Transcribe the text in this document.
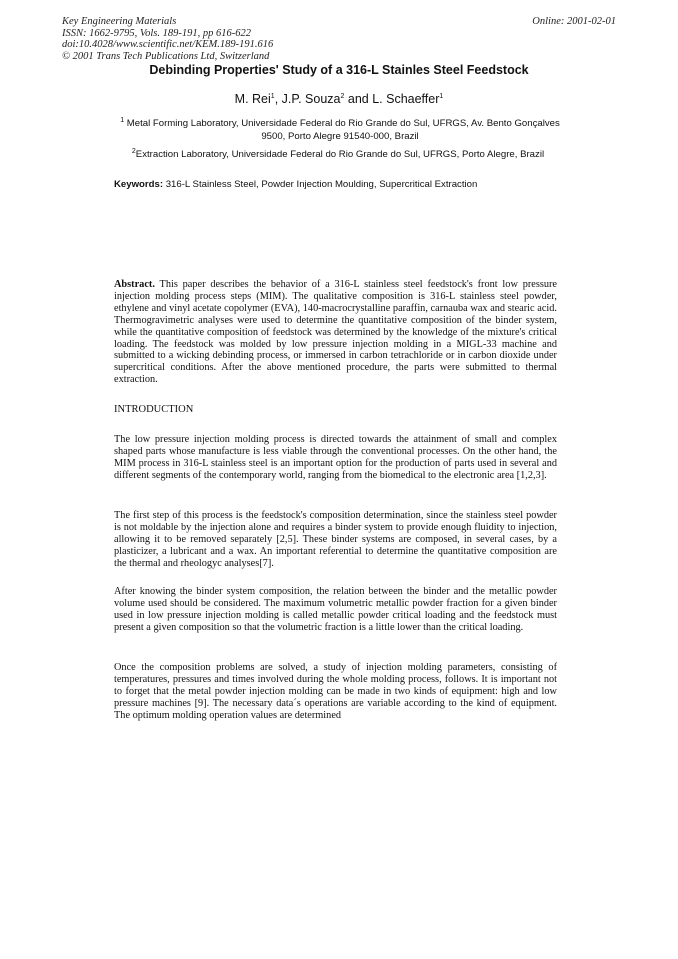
Key Engineering Materials
ISSN: 1662-9795, Vols. 189-191, pp 616-622
doi:10.4028/www.scientific.net/KEM.189-191.616
© 2001 Trans Tech Publications Ltd, Switzerland
Online: 2001-02-01
Debinding Properties' Study of a 316-L Stainles Steel Feedstock
M. Rei$^1$, J.P. Souza$^2$ and L. Schaeffer$^1$
$^1$ Metal Forming Laboratory, Universidade Federal do Rio Grande do Sul, UFRGS, Av. Bento Gonçalves 9500, Porto Alegre 91540-000, Brazil
$^2$Extraction Laboratory, Universidade Federal do Rio Grande do Sul, UFRGS, Porto Alegre, Brazil
Keywords: 316-L Stainless Steel, Powder Injection Moulding, Supercritical Extraction
Abstract. This paper describes the behavior of a 316-L stainless steel feedstock's front low pressure injection molding process steps (MIM). The qualitative composition is 316-L stainless steel powder, ethylene and vinyl acetate copolymer (EVA), 140-macrocrystalline paraffin, carnauba wax and stearic acid. Thermogravimetric analyses were used to determine the quantitative composition of the binder system, while the quantitative composition of feedstock was determined by the knowledge of the mixture's critical loading. The feedstock was molded by low pressure injection molding in a MIGL-33 machine and submitted to a wicking debinding process, or immersed in carbon tetrachloride or in carbon dioxide under supercritical conditions. After the above mentioned procedure, the parts were submitted to thermal extraction.
INTRODUCTION
The low pressure injection molding process is directed towards the attainment of small and complex shaped parts whose manufacture is less viable through the conventional processes. On the other hand, the MIM process in 316-L stainless steel is an important option for the production of parts used in several and different segments of the contemporary world, ranging from the biomedical to the electronic area [1,2,3].
The first step of this process is the feedstock's composition determination, since the stainless steel powder is not moldable by the injection alone and requires a binder system to provide enough fluidity to injection, allowing it to be removed separately [2,5]. These binder systems are composed, in several cases, by a plasticizer, a lubricant and a wax. An important referential to determine the quantitative composition are the thermal and rheologyc analyses[7].
After knowing the binder system composition, the relation between the binder and the metallic powder volume used should be considered. The maximum volumetric metallic powder fraction for a given binder used in low pressure injection molding is called metallic powder critical loading and the feedstock must present a given composition so that the volumetric fraction is a little lower than the critical loading.
Once the composition problems are solved, a study of injection molding parameters, consisting of temperatures, pressures and times involved during the whole molding process, follows. It is important not to forget that the metal powder injection molding can be made in two kinds of equipment: high and low pressure machines [9]. The necessary data´s operations are variable according to the kind of equipment. The optimum molding operation values are determined
